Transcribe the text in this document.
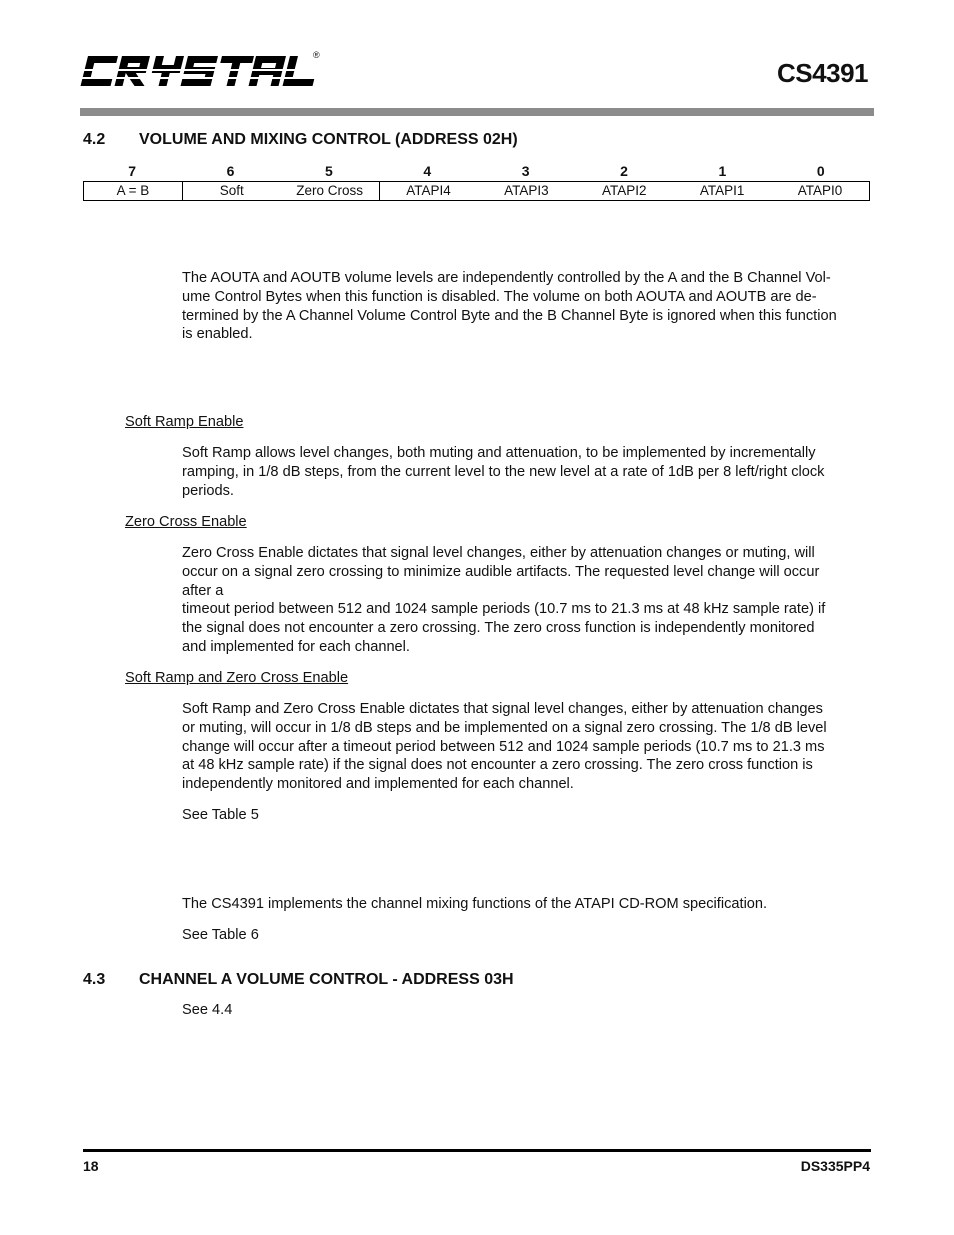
®
CS4391
4.2 VOLUME AND MIXING CONTROL (ADDRESS 02H)
7	6	5	4	3	2	1	0
A = B	Soft	Zero Cross	ATAPI4	ATAPI3	ATAPI2	ATAPI1	ATAPI0
The AOUTA and AOUTB volume levels are independently controlled by the A and the B Channel Vol-
ume Control Bytes when this function is disabled. The volume on both AOUTA and AOUTB are de-
termined by the A Channel Volume Control Byte and the B Channel Byte is ignored when this function
is enabled.
Soft Ramp Enable
Soft Ramp allows level changes, both muting and attenuation, to be implemented by incrementally
ramping, in 1/8 dB steps, from the current level to the new level at a rate of 1dB per 8 left/right clock
periods.
Zero Cross Enable
Zero Cross Enable dictates that signal level changes, either by attenuation changes or muting, will
occur on a signal zero crossing to minimize audible artifacts. The requested level change will occur
after a
timeout period between 512 and 1024 sample periods (10.7 ms to 21.3 ms at 48 kHz sample rate) if
the signal does not encounter a zero crossing. The zero cross function is independently monitored
and implemented for each channel.
Soft Ramp and Zero Cross Enable
Soft Ramp and Zero Cross Enable dictates that signal level changes, either by attenuation changes
or muting, will occur in 1/8 dB steps and be implemented on a signal zero crossing. The 1/8 dB level
change will occur after a timeout period between 512 and 1024 sample periods (10.7 ms to 21.3 ms
at 48 kHz sample rate) if the signal does not encounter a zero crossing. The zero cross function is
independently monitored and implemented for each channel.
See Table 5
The CS4391 implements the channel mixing functions of the ATAPI CD-ROM specification.
See Table 6
4.3 CHANNEL A VOLUME CONTROL - ADDRESS 03H
See 4.4
18	DS335PP4
